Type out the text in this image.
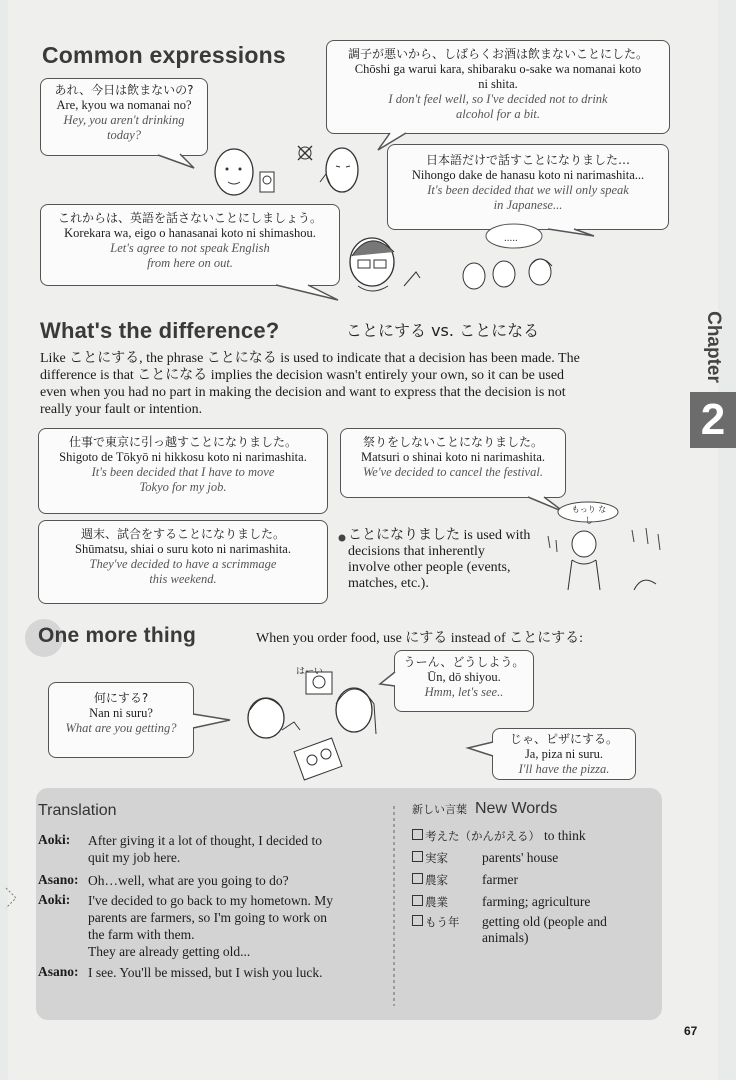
Common expressions
あれ、今日は飲まないの?
Are, kyou wa nomanai no?
Hey, you aren't drinking
today?
調子が悪いから、しばらくお酒は飲まないことにした。
Chōshi ga warui kara, shibaraku o-sake wa nomanai koto
ni shita.
I don't feel well, so I've decided not to drink
alcohol for a bit.
日本語だけで話すことになりました…
Nihongo dake de hanasu koto ni narimashita...
It's been decided that we will only speak
in Japanese...
これからは、英語を話さないことにしましょう。
Korekara wa, eigo o hanasanai koto ni shimashou.
Let's agree to not speak English
from here on out.
.....
What's the difference?	ことにする vs. ことになる
Like ことにする, the phrase ことになる is used to indicate that a decision has been made. The
difference is that ことになる implies the decision wasn't entirely your own, so it can be used
even when you had no part in making the decision and want to express that the decision is not
really your fault or intention.
仕事で東京に引っ越すことになりました。
Shigoto de Tōkyō ni hikkosu koto ni narimashita.
It's been decided that I have to move
Tokyo for my job.
祭りをしないことになりました。
Matsuri o shinai koto ni narimashita.
We've decided to cancel the festival.
週末、試合をすることになりました。
Shūmatsu, shiai o suru koto ni narimashita.
They've decided to have a scrimmage
this weekend.
ことになりました is used with
decisions that inherently
involve other people (events,
matches, etc.).
もっり なし
One more thing	When you order food, use にする instead of ことにする:
何にする?
Nan ni suru?
What are you getting?
うーん、どうしよう。
Ūn, dō shiyou.
Hmm, let's see..
じゃ、ピザにする。
Ja, piza ni suru.
I'll have the pizza.
はーい
Translation
Aoki: After giving it a lot of thought, I decided to
quit my job here.
Asano: Oh…well, what are you going to do?
Aoki: I've decided to go back to my hometown. My
parents are farmers, so I'm going to work on
the farm with them.
They are already getting old...
Asano: I see. You'll be missed, but I wish you luck.
新しい言葉 New Words
考えた（かんがえる） to think
実家	parents' house
農家	farmer
農業	farming; agriculture
もう年 getting old (people and
animals)
67
Chapter
2
